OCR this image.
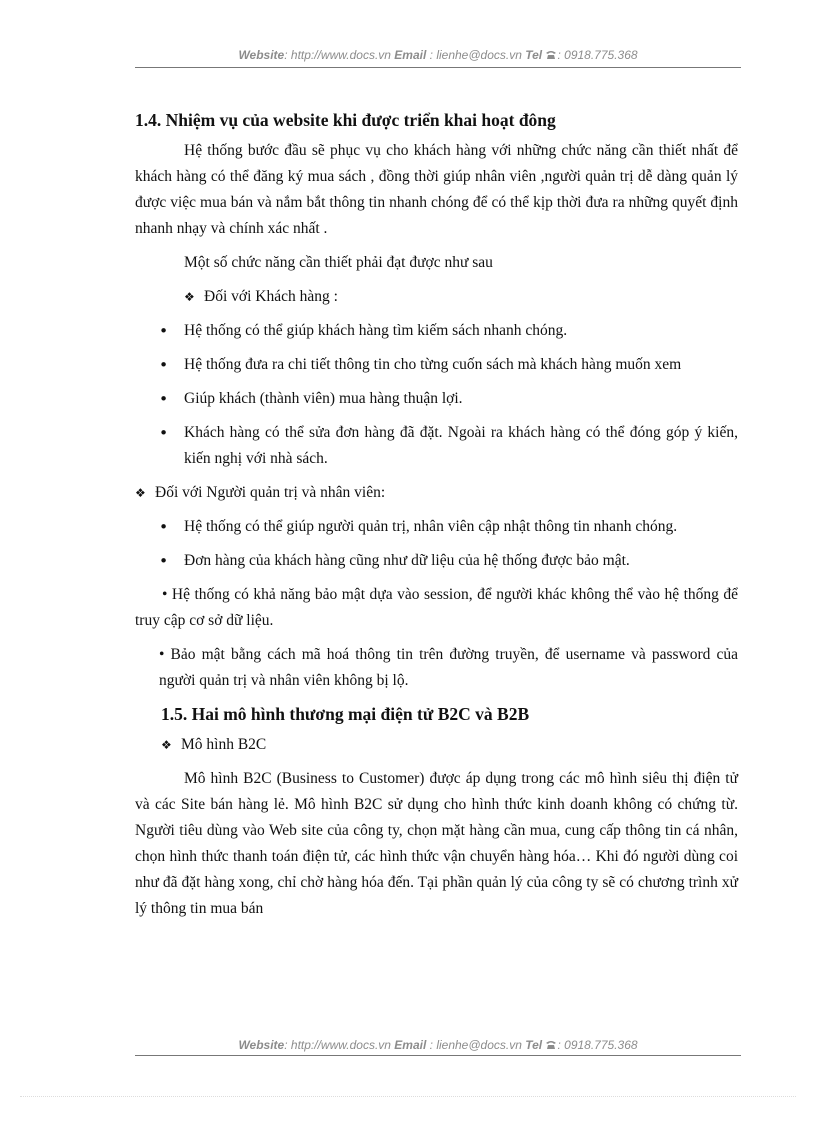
Website: http://www.docs.vn Email : lienhe@docs.vn Tel : 0918.775.368
1.4. Nhiệm vụ của website khi được triển khai hoạt đông

Hệ thống bước đầu sẽ phục vụ cho khách hàng với những chức năng cần thiết nhất để khách hàng có thể đăng ký mua sách , đồng thời giúp nhân viên ,người quản trị dễ dàng quản lý được việc mua bán và nắm bắt thông tin nhanh chóng để có thể kịp thời đưa ra những quyết định nhanh nhạy và chính xác nhất .

Một số chức năng cần thiết phải đạt được như sau

❖ Đối với Khách hàng :

• Hệ thống có thể giúp khách hàng tìm kiếm sách nhanh chóng.
• Hệ thống đưa ra chi tiết thông tin cho từng cuốn sách mà khách hàng muốn xem
• Giúp khách (thành viên) mua hàng thuận lợi.
• Khách hàng có thể sửa đơn hàng đã đặt. Ngoài ra khách hàng có thể đóng góp ý kiến, kiến nghị với nhà sách.

❖ Đối với Người quản trị và nhân viên:

• Hệ thống có thể giúp người quản trị, nhân viên cập nhật thông tin nhanh chóng.
• Đơn hàng của khách hàng cũng như dữ liệu của hệ thống được bảo mật.

• Hệ thống có khả năng bảo mật dựa vào session, để người khác không thể vào hệ thống để truy cập cơ sở dữ liệu.

• Bảo mật bằng cách mã hoá thông tin trên đường truyền, để username và password của người quản trị và nhân viên không bị lộ.

1.5. Hai mô hình thương mại điện tử B2C và B2B

❖ Mô hình B2C

Mô hình B2C (Business to Customer) được áp dụng trong các mô hình siêu thị điện tử và các Site bán hàng lẻ. Mô hình B2C sử dụng cho hình thức kinh doanh không có chứng từ. Người tiêu dùng vào Web site của công ty, chọn mặt hàng cần mua, cung cấp thông tin cá nhân, chọn hình thức thanh toán điện tử, các hình thức vận chuyển hàng hóa… Khi đó người dùng coi như đã đặt hàng xong, chỉ chờ hàng hóa đến. Tại phần quản lý của công ty sẽ có chương trình xử lý thông tin mua bán

Website: http://www.docs.vn Email : lienhe@docs.vn Tel : 0918.775.368
